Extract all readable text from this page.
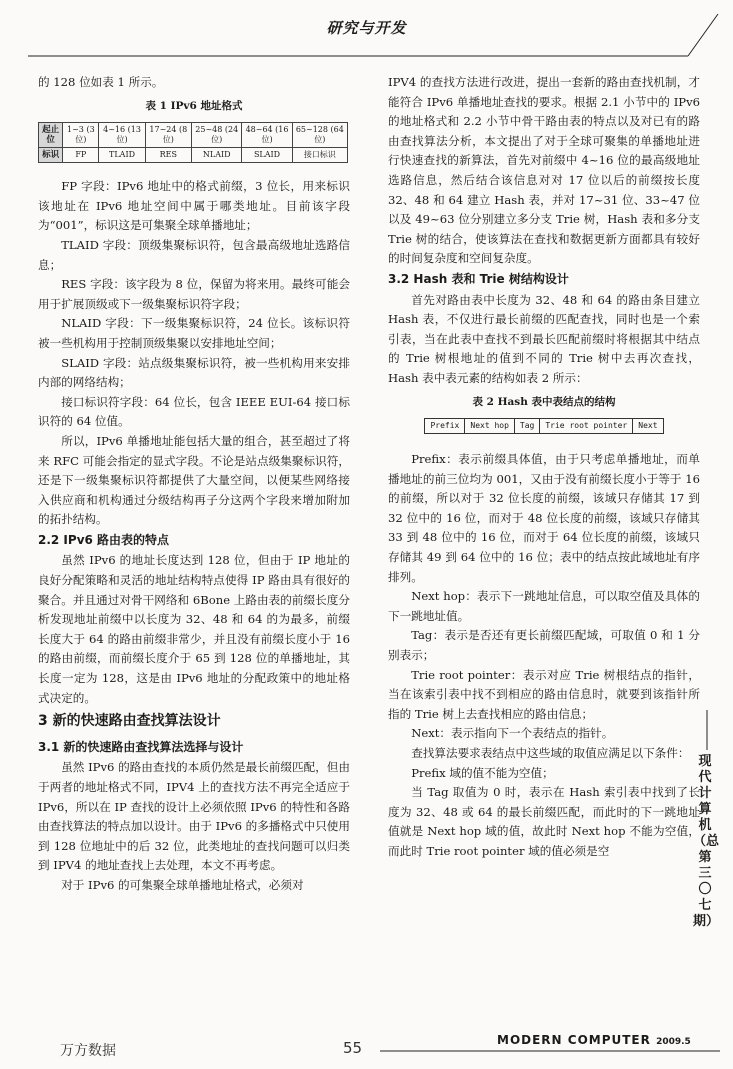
研究与开发

的 128 位如表 1 所示。

表 1 IPv6 地址格式
起止位	1~3 (3位)	4~16 (13位)	17~24 (8位)	25~48 (24位)	48~64 (16位)	65~128 (64位)
标识	FP	TLAID	RES	NLAID	SLAID	接口标识

FP 字段：IPv6 地址中的格式前缀，3 位长，用来标识该地址在 IPv6 地址空间中属于哪类地址。目前该字段为“001”，标识这是可集聚全球单播地址；

TLAID 字段：顶级集聚标识符，包含最高级地址选路信息；

RES 字段：该字段为 8 位，保留为将来用。最终可能会用于扩展顶级或下一级集聚标识符字段；

NLAID 字段：下一级集聚标识符，24 位长。该标识符被一些机构用于控制顶级集聚以安排地址空间；

SLAID 字段：站点级集聚标识符，被一些机构用来安排内部的网络结构；

接口标识符字段：64 位长，包含 IEEE EUI-64 接口标识符的 64 位值。

所以，IPv6 单播地址能包括大量的组合，甚至超过了将来 RFC 可能会指定的显式字段。不论是站点级集聚标识符，还是下一级集聚标识符都提供了大量空间，以便某些网络接入供应商和机构通过分级结构再子分这两个字段来增加附加的拓扑结构。

2.2 IPv6 路由表的特点

虽然 IPv6 的地址长度达到 128 位，但由于 IP 地址的良好分配策略和灵活的地址结构特点使得 IP 路由具有很好的聚合。并且通过对骨干网络和 6Bone 上路由表的前缀长度分析发现地址前缀中以长度为 32、48 和 64 的为最多，前缀长度大于 64 的路由前缀非常少，并且没有前缀长度小于 16 的路由前缀，而前缀长度介于 65 到 128 位的单播地址，其长度一定为 128，这是由 IPv6 地址的分配政策中的地址格式决定的。

3 新的快速路由查找算法设计
3.1 新的快速路由查找算法选择与设计

虽然 IPv6 的路由查找的本质仍然是最长前缀匹配，但由于两者的地址格式不同，IPV4 上的查找方法不再完全适应于 IPv6，所以在 IP 查找的设计上必须依照 IPv6 的特性和各路由查找算法的特点加以设计。由于 IPv6 的多播格式中只使用到 128 位地址中的后 32 位，此类地址的查找问题可以归类到 IPV4 的地址查找上去处理，本文不再考虑。

对于 IPv6 的可集聚全球单播地址格式，必须对

IPV4 的查找方法进行改进，提出一套新的路由查找机制，才能符合 IPv6 单播地址查找的要求。根据 2.1 小节中的 IPv6 的地址格式和 2.2 小节中骨干路由表的特点以及对已有的路由查找算法分析，本文提出了对于全球可聚集的单播地址进行快速查找的新算法，首先对前缀中 4~16 位的最高级地址选路信息，然后结合该信息对对 17 位以后的前缀按长度 32、48 和 64 建立 Hash 表，并对 17~31 位、33~47 位以及 49~63 位分别建立多分支 Trie 树，Hash 表和多分支 Trie 树的结合，使该算法在查找和数据更新方面都具有较好的时间复杂度和空间复杂度。

3.2 Hash 表和 Trie 树结构设计

首先对路由表中长度为 32、48 和 64 的路由条目建立 Hash 表，不仅进行最长前缀的匹配查找，同时也是一个索引表，当在此表中查找不到最长匹配前缀时将根据其中结点的 Trie 树根地址的值到不同的 Trie 树中去再次查找，Hash 表中表元素的结构如表 2 所示：

表 2 Hash 表中表结点的结构
Prefix	Next hop	Tag	Trie root pointer	Next

Prefix：表示前缀具体值，由于只考虑单播地址，而单播地址的前三位均为 001，又由于没有前缀长度小于等于 16 的前缀，所以对于 32 位长度的前缀，该域只存储其 17 到 32 位中的 16 位，而对于 48 位长度的前缀，该域只存储其 33 到 48 位中的 16 位，而对于 64 位长度的前缀，该域只存储其 49 到 64 位中的 16 位；表中的结点按此域地址有序排列。

Next hop：表示下一跳地址信息，可以取空值及具体的下一跳地址值。

Tag：表示是否还有更长前缀匹配域，可取值 0 和 1 分别表示；

Trie root pointer：表示对应 Trie 树根结点的指针，当在该索引表中找不到相应的路由信息时，就要到该指针所指的 Trie 树上去查找相应的路由信息；

Next：表示指向下一个表结点的指针。

查找算法要求表结点中这些域的取值应满足以下条件：

Prefix 域的值不能为空值；

当 Tag 取值为 0 时，表示在 Hash 索引表中找到了长度为 32、48 或 64 的最长前缀匹配，而此时的下一跳地址值就是 Next hop 域的值，故此时 Next hop 不能为空值，而此时 Trie root pointer 域的值必须是空

现代计算机（总第三〇七期）
MODERN COMPUTER 2009.5
万方数据	55
